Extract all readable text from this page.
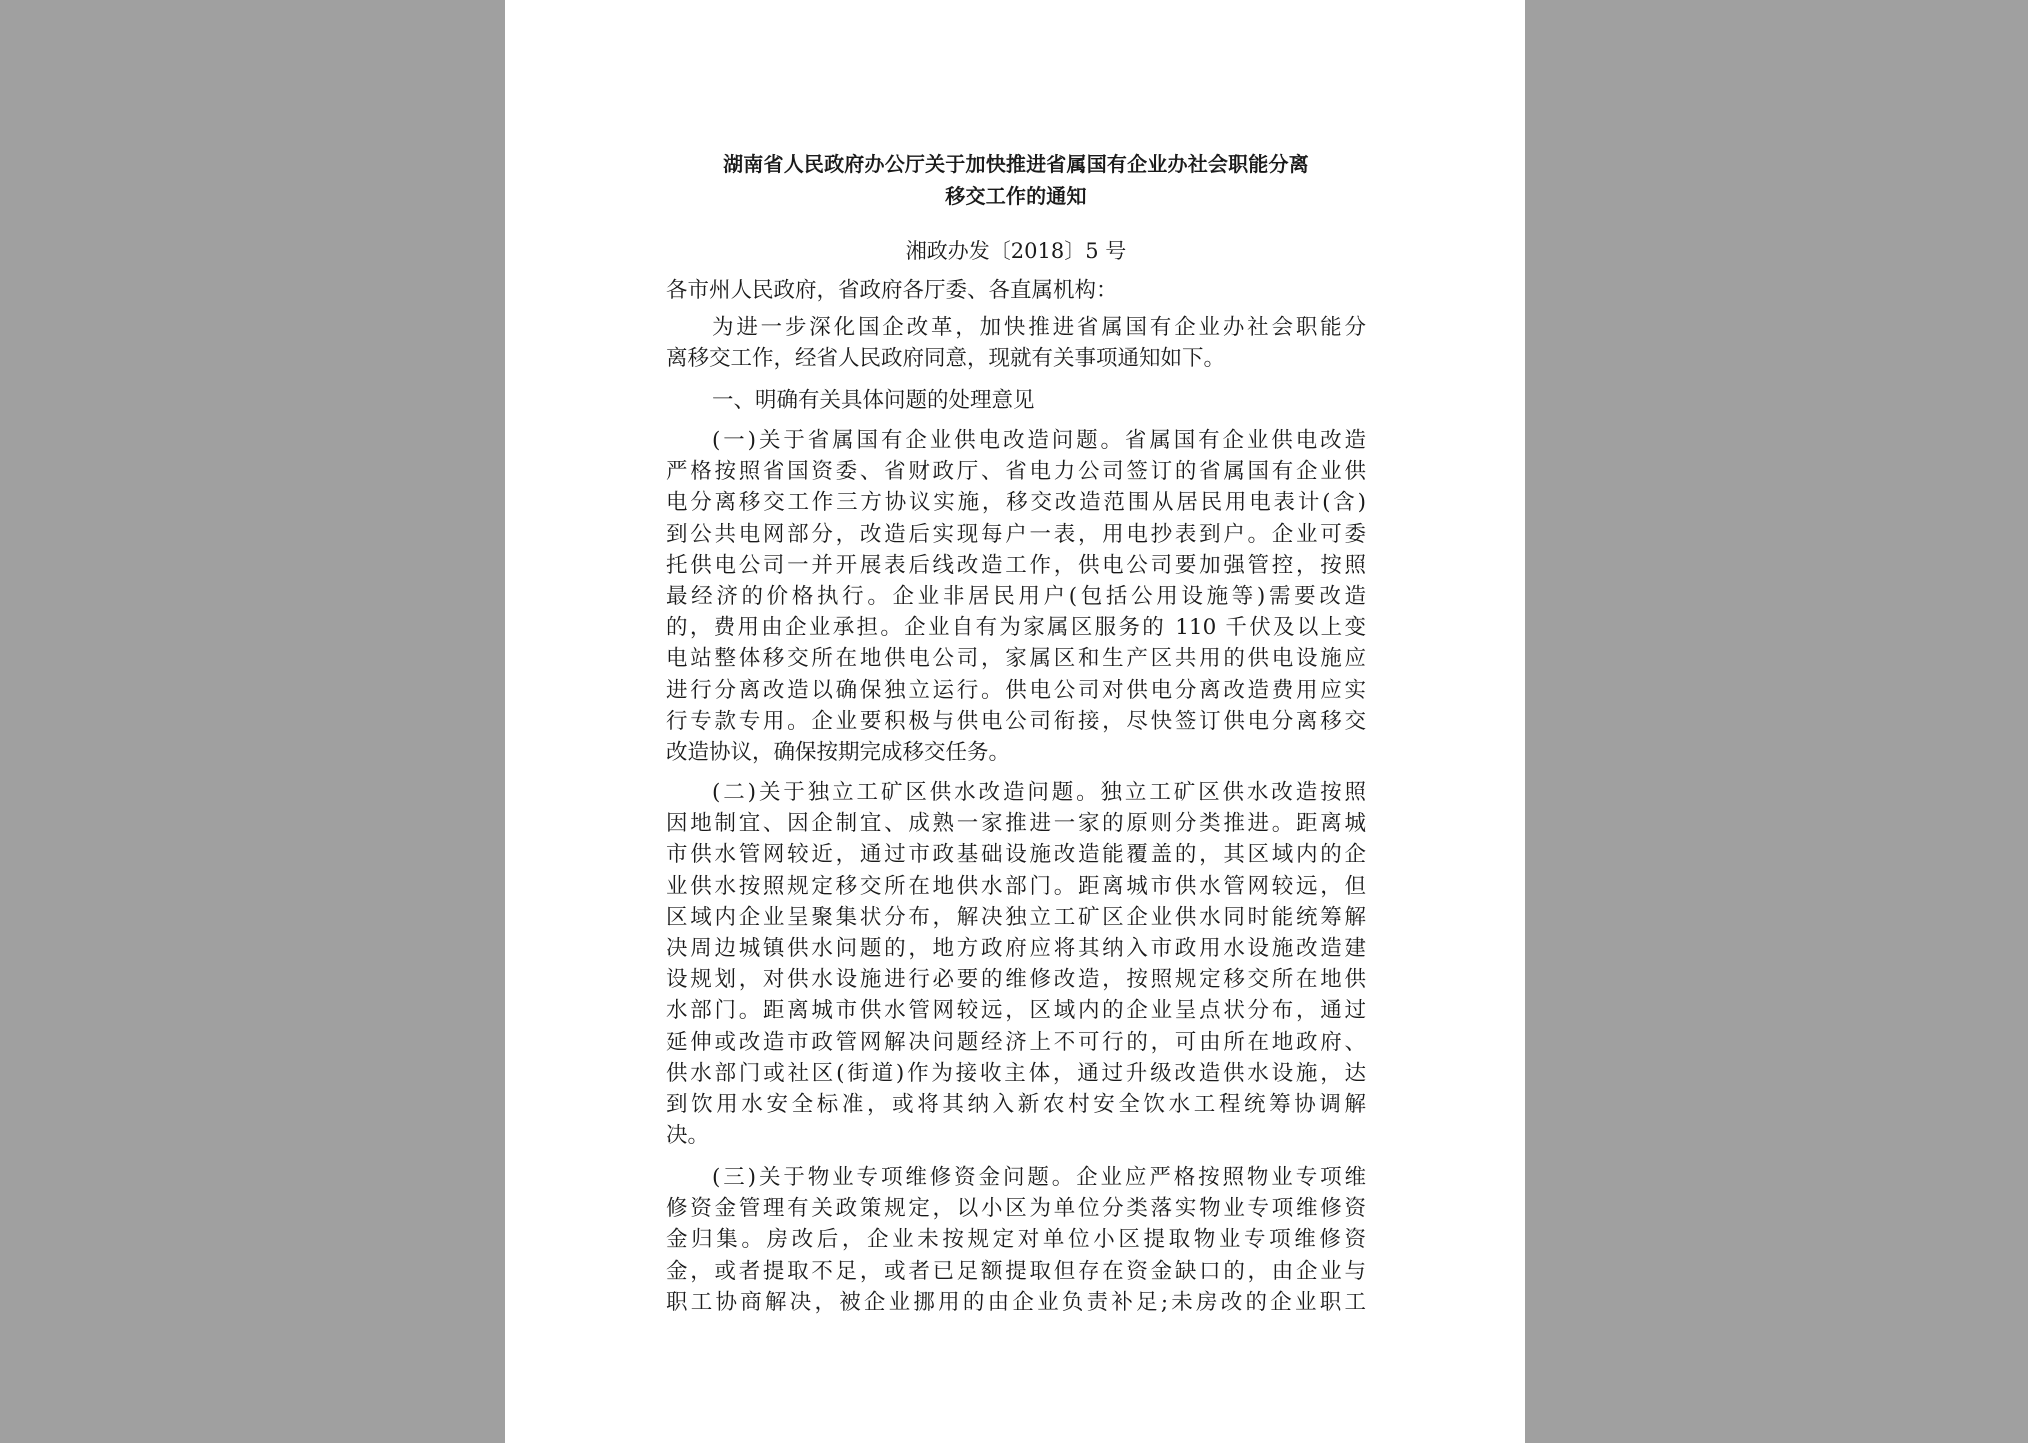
湖南省人民政府办公厅关于加快推进省属国有企业办社会职能分离
移交工作的通知
湘政办发〔2018〕5 号
各市州人民政府，省政府各厅委、各直属机构：
为进一步深化国企改革，加快推进省属国有企业办社会职能分
离移交工作，经省人民政府同意，现就有关事项通知如下。
一、明确有关具体问题的处理意见
(一)关于省属国有企业供电改造问题。省属国有企业供电改造
严格按照省国资委、省财政厅、省电力公司签订的省属国有企业供
电分离移交工作三方协议实施，移交改造范围从居民用电表计(含)
到公共电网部分，改造后实现每户一表，用电抄表到户。企业可委
托供电公司一并开展表后线改造工作，供电公司要加强管控，按照
最经济的价格执行。企业非居民用户(包括公用设施等)需要改造
的，费用由企业承担。企业自有为家属区服务的 110 千伏及以上变
电站整体移交所在地供电公司，家属区和生产区共用的供电设施应
进行分离改造以确保独立运行。供电公司对供电分离改造费用应实
行专款专用。企业要积极与供电公司衔接，尽快签订供电分离移交
改造协议，确保按期完成移交任务。
(二)关于独立工矿区供水改造问题。独立工矿区供水改造按照
因地制宜、因企制宜、成熟一家推进一家的原则分类推进。距离城
市供水管网较近，通过市政基础设施改造能覆盖的，其区域内的企
业供水按照规定移交所在地供水部门。距离城市供水管网较远，但
区域内企业呈聚集状分布，解决独立工矿区企业供水同时能统筹解
决周边城镇供水问题的，地方政府应将其纳入市政用水设施改造建
设规划，对供水设施进行必要的维修改造，按照规定移交所在地供
水部门。距离城市供水管网较远，区域内的企业呈点状分布，通过
延伸或改造市政管网解决问题经济上不可行的，可由所在地政府、
供水部门或社区(街道)作为接收主体，通过升级改造供水设施，达
到饮用水安全标准，或将其纳入新农村安全饮水工程统筹协调解
决。
(三)关于物业专项维修资金问题。企业应严格按照物业专项维
修资金管理有关政策规定，以小区为单位分类落实物业专项维修资
金归集。房改后，企业未按规定对单位小区提取物业专项维修资
金，或者提取不足，或者已足额提取但存在资金缺口的，由企业与
职工协商解决，被企业挪用的由企业负责补足;未房改的企业职工
